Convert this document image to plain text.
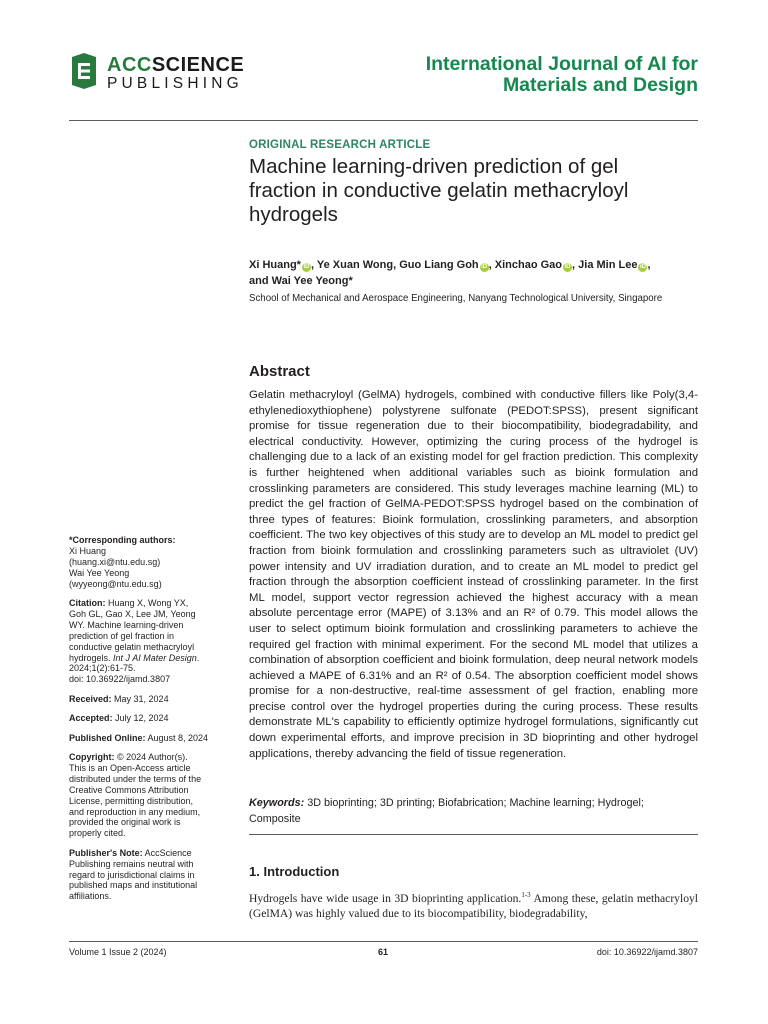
ACCSCIENCE
PUBLISHING
International Journal of AI for
Materials and Design
ORIGINAL RESEARCH ARTICLE
Machine learning-driven prediction of gel fraction in conductive gelatin methacryloyl hydrogels
Xi Huang* iD , Ye Xuan Wong, Guo Liang Goh iD , Xinchao Gao iD , Jia Min Lee iD ,
and Wai Yee Yeong*
School of Mechanical and Aerospace Engineering, Nanyang Technological University, Singapore
*Corresponding authors:
Xi Huang
(huang.xi@ntu.edu.sg)
Wai Yee Yeong
(wyyeong@ntu.edu.sg)
Citation: Huang X, Wong YX,
Goh GL, Gao X, Lee JM, Yeong
WY. Machine learning-driven
prediction of gel fraction in
conductive gelatin methacryloyl
hydrogels. Int J AI Mater Design.
2024;1(2):61-75.
doi: 10.36922/ijamd.3807
Received: May 31, 2024
Accepted: July 12, 2024
Published Online: August 8, 2024
Copyright: © 2024 Author(s).
This is an Open-Access article
distributed under the terms of the
Creative Commons Attribution
License, permitting distribution,
and reproduction in any medium,
provided the original work is
properly cited.
Publisher's Note: AccScience
Publishing remains neutral with
regard to jurisdictional claims in
published maps and institutional
affiliations.
Abstract
Gelatin methacryloyl (GelMA) hydrogels, combined with conductive fillers like Poly(3,4-ethylenedioxythiophene) polystyrene sulfonate (PEDOT:SPSS), present significant promise for tissue regeneration due to their biocompatibility, biodegradability, and electrical conductivity. However, optimizing the curing process of the hydrogel is challenging due to a lack of an existing model for gel fraction prediction. This complexity is further heightened when additional variables such as bioink formulation and crosslinking parameters are considered. This study leverages machine learning (ML) to predict the gel fraction of GelMA-PEDOT:SPSS hydrogel based on the combination of three types of features: Bioink formulation, crosslinking parameters, and absorption coefficient. The two key objectives of this study are to develop an ML model to predict gel fraction from bioink formulation and crosslinking parameters such as ultraviolet (UV) power intensity and UV irradiation duration, and to create an ML model to predict gel fraction through the absorption coefficient instead of crosslinking parameter. In the first ML model, support vector regression achieved the highest accuracy with a mean absolute percentage error (MAPE) of 3.13% and an R² of 0.79. This model allows the user to select optimum bioink formulation and crosslinking parameters to achieve the required gel fraction with minimal experiment. For the second ML model that utilizes a combination of absorption coefficient and bioink formulation, deep neural network models achieved a MAPE of 6.31% and an R² of 0.54. The absorption coefficient model shows promise for a non-destructive, real-time assessment of gel fraction, enabling more precise control over the hydrogel properties during the curing process. These results demonstrate ML's capability to efficiently optimize hydrogel formulations, significantly cut down experimental efforts, and improve precision in 3D bioprinting and other hydrogel applications, thereby advancing the field of tissue regeneration.
Keywords: 3D bioprinting; 3D printing; Biofabrication; Machine learning; Hydrogel; Composite
1. Introduction
Hydrogels have wide usage in 3D bioprinting application.$^{1-3}$ Among these, gelatin methacryloyl (GelMA) was highly valued due to its biocompatibility, biodegradability,
Volume 1 Issue 2 (2024)	61	doi: 10.36922/ijamd.3807
